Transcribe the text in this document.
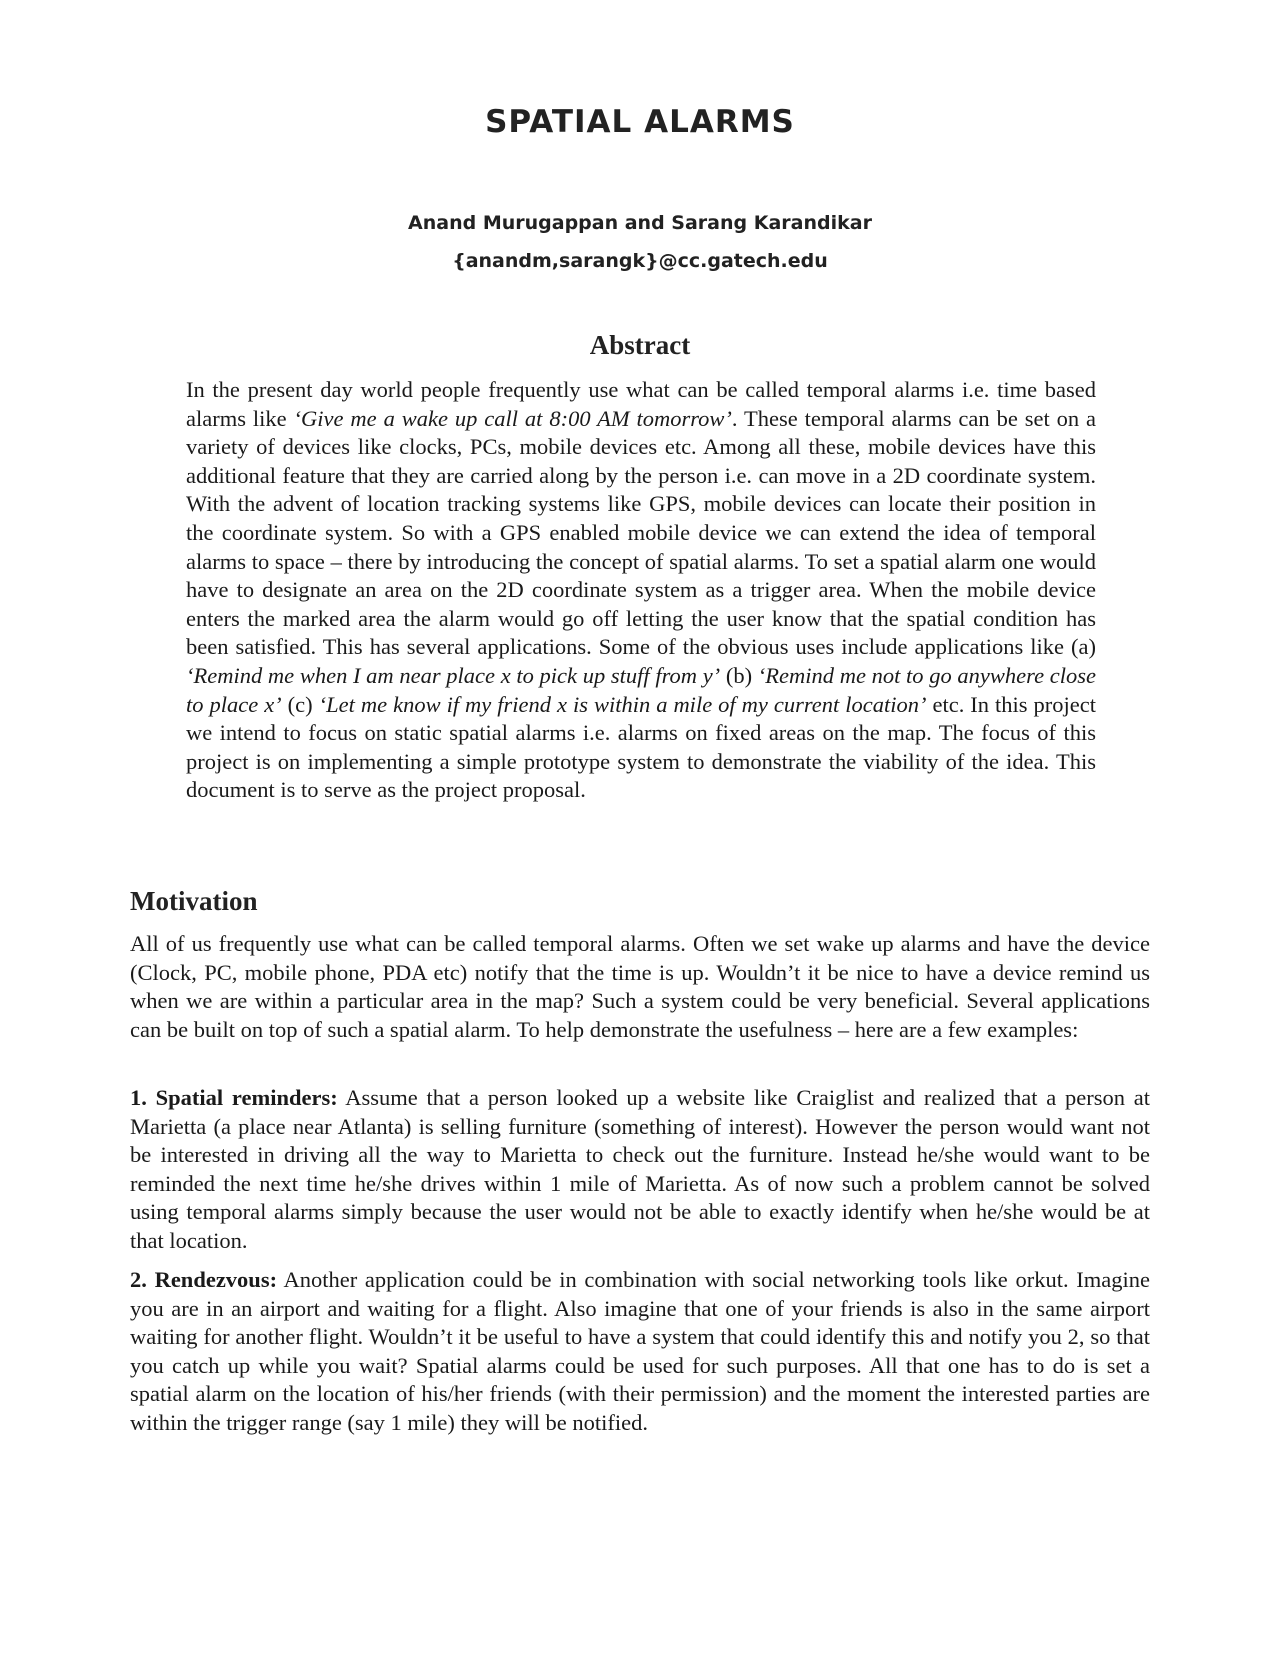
SPATIAL ALARMS
Anand Murugappan and Sarang Karandikar
{anandm,sarangk}@cc.gatech.edu
Abstract

In the present day world people frequently use what can be called temporal alarms i.e. time based alarms like ‘Give me a wake up call at 8:00 AM tomorrow’. These temporal alarms can be set on a variety of devices like clocks, PCs, mobile devices etc. Among all these, mobile devices have this additional feature that they are carried along by the person i.e. can move in a 2D coordinate system. With the advent of location tracking systems like GPS, mobile devices can locate their position in the coordinate system. So with a GPS enabled mobile device we can extend the idea of temporal alarms to space – there by introducing the concept of spatial alarms. To set a spatial alarm one would have to designate an area on the 2D coordinate system as a trigger area. When the mobile device enters the marked area the alarm would go off letting the user know that the spatial condition has been satisfied. This has several applications. Some of the obvious uses include applications like (a) ‘Remind me when I am near place x to pick up stuff from y’ (b) ‘Remind me not to go anywhere close to place x’ (c) ‘Let me know if my friend x is within a mile of my current location’ etc. In this project we intend to focus on static spatial alarms i.e. alarms on fixed areas on the map. The focus of this project is on implementing a simple prototype system to demonstrate the viability of the idea. This document is to serve as the project proposal.

Motivation

All of us frequently use what can be called temporal alarms. Often we set wake up alarms and have the device (Clock, PC, mobile phone, PDA etc) notify that the time is up. Wouldn’t it be nice to have a device remind us when we are within a particular area in the map? Such a system could be very beneficial. Several applications can be built on top of such a spatial alarm. To help demonstrate the usefulness – here are a few examples:

1. Spatial reminders: Assume that a person looked up a website like Craiglist and realized that a person at Marietta (a place near Atlanta) is selling furniture (something of interest). However the person would want not be interested in driving all the way to Marietta to check out the furniture. Instead he/she would want to be reminded the next time he/she drives within 1 mile of Marietta. As of now such a problem cannot be solved using temporal alarms simply because the user would not be able to exactly identify when he/she would be at that location.

2. Rendezvous: Another application could be in combination with social networking tools like orkut. Imagine you are in an airport and waiting for a flight. Also imagine that one of your friends is also in the same airport waiting for another flight. Wouldn’t it be useful to have a system that could identify this and notify you 2, so that you catch up while you wait? Spatial alarms could be used for such purposes. All that one has to do is set a spatial alarm on the location of his/her friends (with their permission) and the moment the interested parties are within the trigger range (say 1 mile) they will be notified.
